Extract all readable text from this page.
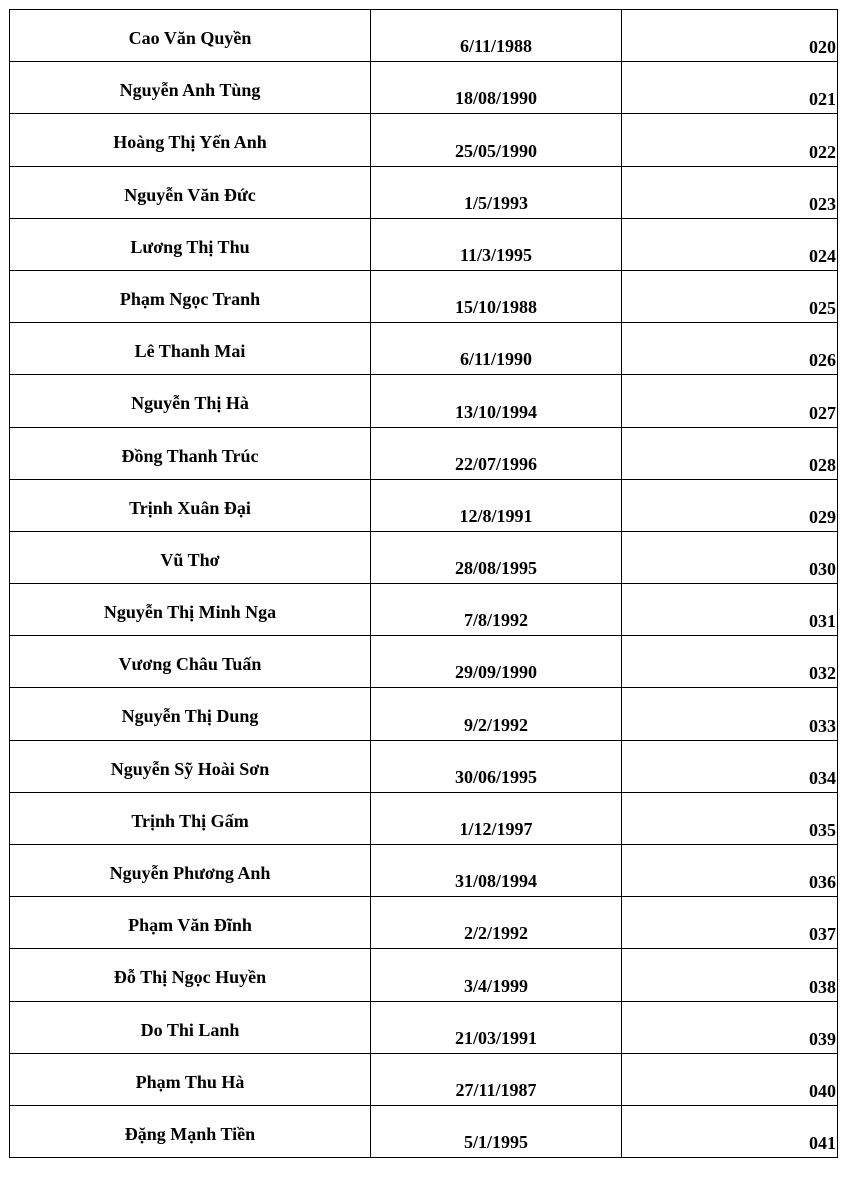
Cao Văn Quyền	6/11/1988	020
Nguyễn Anh Tùng	18/08/1990	021
Hoàng Thị Yến Anh	25/05/1990	022
Nguyễn Văn Đức	1/5/1993	023
Lương Thị Thu	11/3/1995	024
Phạm Ngọc Tranh	15/10/1988	025
Lê Thanh Mai	6/11/1990	026
Nguyễn Thị Hà	13/10/1994	027
Đồng Thanh Trúc	22/07/1996	028
Trịnh Xuân Đại	12/8/1991	029
Vũ Thơ	28/08/1995	030
Nguyễn Thị Minh Nga	7/8/1992	031
Vương Châu Tuấn	29/09/1990	032
Nguyễn Thị Dung	9/2/1992	033
Nguyễn Sỹ Hoài Sơn	30/06/1995	034
Trịnh Thị Gấm	1/12/1997	035
Nguyễn Phương Anh	31/08/1994	036
Phạm Văn Đĩnh	2/2/1992	037
Đỗ Thị Ngọc Huyền	3/4/1999	038
Do Thi Lanh	21/03/1991	039
Phạm Thu Hà	27/11/1987	040
Đặng Mạnh Tiền	5/1/1995	041
